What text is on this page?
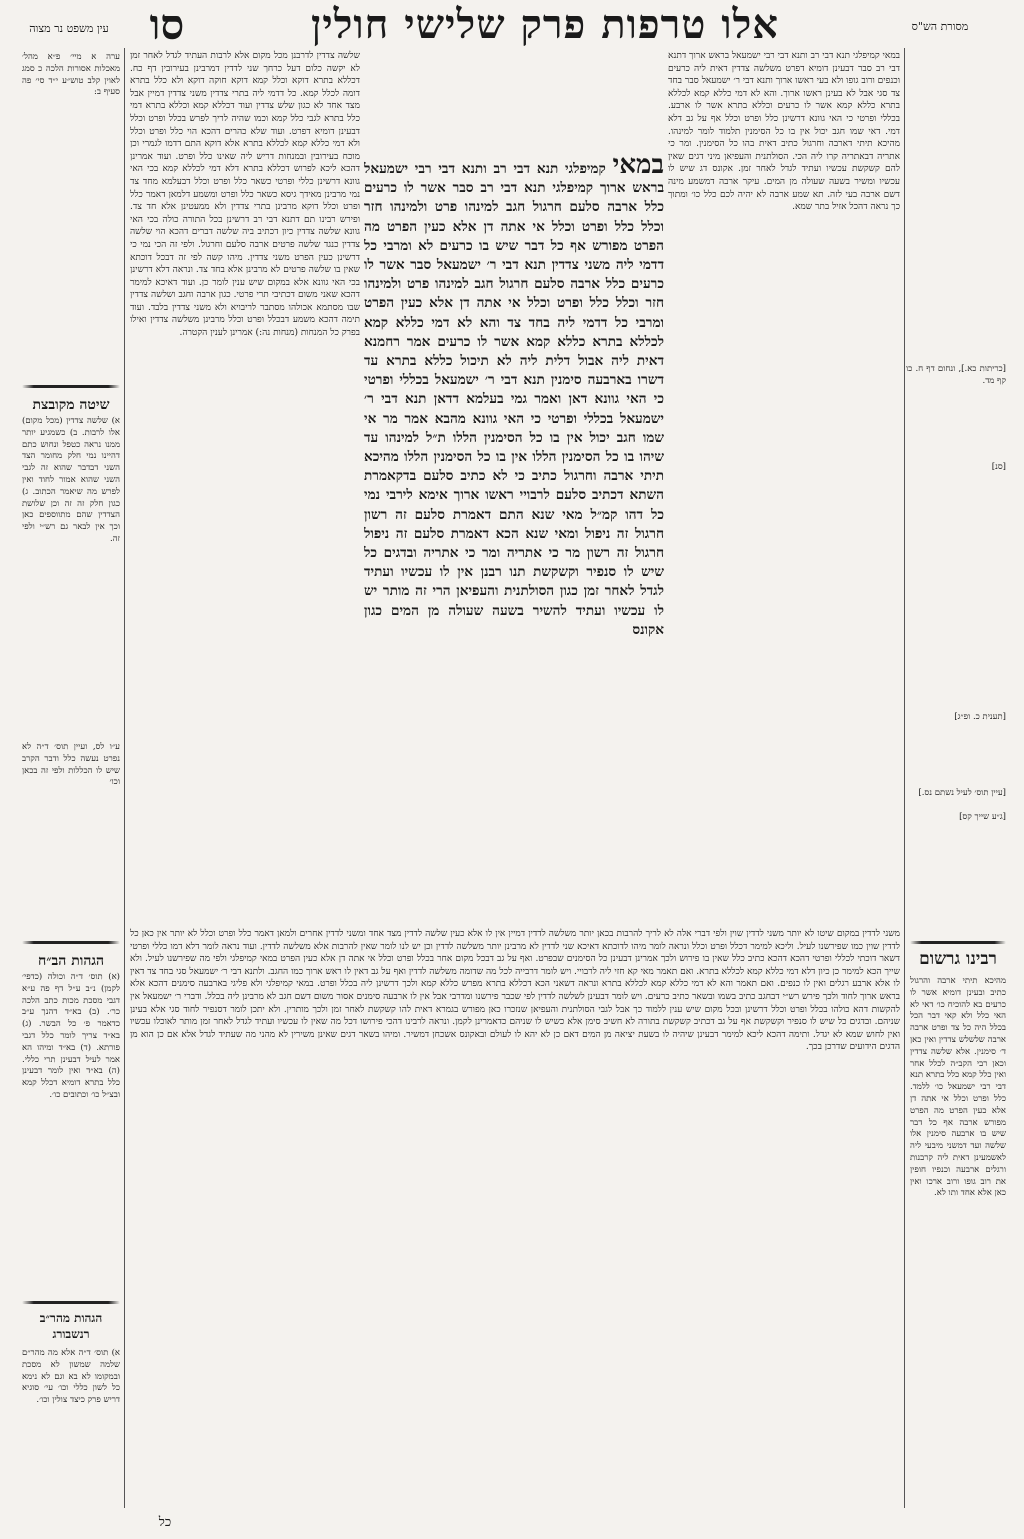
עין משפט נר מצוה סו	אלו טרפות פרק שלישי חולין	מסורת הש"ס
ערה א מיי׳ פ״א מהל׳ מאכלות אסורות הלכה כ סמג לאוין קלב טוש״ע י״ד סי׳ פה סעיף ב:
שיטה מקובצת
א) שלשה צדדין (מכל מקום) אלו לרבות. ב) כשמגיע יותר ממנו נראה כטפל ונחוש כתם דהיינו נמי חלק מחומר הצד השני דבדבר שהוא זה לגבי השני שהוא אמור לחוד ואין לפרש מה שיאמר הכתוב. ג) כגון חלק זה זה וכן שלושת הצדדין שהם מתווספים כאן וכך אין לבאר גם רש״י ולפי זה.
ע״ו לס, ועיין תוס׳ ד״ה לא נפרט נעשה כלל ודבר הקרב שיש לו הכללות ולפי זה בכאן וכו׳
הגהות הב״ח
(א) תוס׳ ד״ה וכולה (כדפי׳ לקמן) נ״ב ע״ל דף פה ע״א דגבי מסכת מכות כתב הלכה כר׳. (ב) בא״ד דהנך ע״ב כדאמר פ׳ כל הבשר. (ג) בא״ד צריך לומר כלל דגבי פורתא. (ד) בא״ד ומיהו הא אמר לעיל דבעינן תרי כללי. (ה) בא״ד ואין לומר דבעינן כלל בתרא דומיא דכלל קמא ובצ״ל כו׳ וכתובים כו׳.
הגהות מהר״ב רנשבורג
א) תוס׳ ד״ה אלא מה מהר״ם שלמה שמשון לא מסכת ובמקומו לא בא וגם לא נימא כל לשון כללי וכו׳ עי׳ סוגיא דריש פרק כיצד צולין וכו׳.
[כריתות כא.], ונחום דף ח. כו קף מד.
[סנ]
[תענית כ. ופ״ג]
[עיין תוס׳ לעיל נשתם נס.]
[ג״ע שייך קס]
רבינו גרשום
מהיכא תיתי ארבה והרגול כתיב ובעינן דומיא אשר לו כרעים בא להוכיח כו׳ דאי לא האי כלל ולא קאי דבר הכל בכלל היה כל צד ופרט ארבה ארבה שלשלש צדדין ואין כאן ד׳ סימנין. אלא שלשה צדדין וכאן רבי הקב״ה לכלל אחר ואין כלל קמא כלל בתרא תנא דבי רבי ישמעאל כו׳ ללמד. כלל ופרט וכלל אי אתה דן אלא כעין הפרט מה הפרט מפורש ארבה אף כל דבר שיש בו ארבעה סימנין אלו שלשה ועד דמשני מיבעי ליה לאשמעינן דאית ליה קרבנות ורגלים ארבעה וכנפיו חופין את רוב גופו ורוב ארכו ואין כאן אלא אחד ותו לא.
במאי קמיפלגי תנא דבי רב ותנא דבי רבי ישמעאל בראש ארוך דתנא דבי רב סבר דבעינן דומיא דפרט משלשה צדדין דאית ליה כרעים וכנפים ורוב גופו ולא בעי ראשו ארוך ותנא דבי ר׳ ישמעאל סבר בחד צד סגי אבל לא בעינן ראשו ארוך. והא לא דמי כללא קמא לכללא בתרא כללא קמא אשר לו כרעים וכללא בתרא אשר לו ארבע. בכללי ופרטי כי האי גוונא דרשינן כלל ופרט וכלל אף על גב דלא דמי. דאי שמו חגב יכול אין בו כל הסימנין תלמוד לומר למינהו. מהיכא תיתי דארבה וחרגול כתיב דאית בהו כל הסימנין. ומר כי אתריה דבאתריה קרו ליה הכי. הסולתנית והעפיאן מיני דגים שאין להם קשקשת עכשיו ועתיד לגדל לאחר זמן. אקונס דג שיש לו עכשיו ומשיר בשעה שעולה מן המים. עיקר ארבה דמשמע מינה דשם ארבה בעי לזה. תא שמע ארבה לא יהיה לכם כלל כו׳ ומתוך כך נראה דהכל אזיל בתר שמא.
שלשה צדדין לדרבנן מכל מקום אלא לרבות העתיד לגדל לאחר זמן לא יקשה כלום דעל כרחך שני לדדין דמרבינן בעירובין דף כח. דכללא בתרא דוקא וכלל קמא דוקא חוקה דוקא ולא כלל בתרא דומה לכלל קמא. כל דדמי ליה בתרי צדדין משני צדדין דמיין אבל מצד אחד לא כגון שלש צדדין ועוד דכללא קמא וכללא בתרא דמי כלל בתרא לגבי כלל קמא וכמו שהיה לריך לפרש בכלל ופרט וכלל דבעינן דומיא דפרט. ועוד שלא כהרים דהכא הוי כלל ופרט וכלל ולא דמי כללא קמא לכללא בתרא אלא דוקא התם דדמו לגמרי וכן מוכח בעירובין ובמנחות דריש ליה שאינו כלל ופרט. ועוד אמרינן דהכא ליכא לפרוש דכללא בתרא דלא דמי לכללא קמא בכי האי גוונא דרשינן כללי ופרטי כשאר כלל ופרט וכלל דבעלמא מחד צד נמי מרבינן מאידך גיסא כשאר כלל ופרט ומשמע דלמאן דאמר כלל ופרט וכלל דוקא מרבינן בתרי צדדין ולא ממעטינן אלא חד צד. ופירש רבינו תם דתנא דבי רב דרשינן בכל התורה כולה בכי האי גוונא שלשה צדדין כיון דכתיב ביה שלשה דברים דהכא הוי שלשה צדדין כנגד שלשה פרטים ארבה סלעם וחרגול. ולפי זה הכי נמי כי דרשינן כעין הפרט משני צדדין. מיהו קשה לפי זה דבכל דוכתא שאין בו שלשה פרטים לא מרבינן אלא בחד צד. ונראה דלא דרשינן בכי האי גוונא אלא במקום שיש ענין לומר כן. ועוד דאיכא למימר דהכא שאני משום דכתיבי תרי פרטי. כגון ארבה וחגב ושלשה צדדין שבו מסתמא אכולהו מסתבר לריבויא ולא משני צדדין בלבד. ועוד תימה דהכא משמע דבכלל ופרט וכלל מרבינן משלשה צדדין ואילו בפרק כל המנחות (מנחות נה:) אמרינן לענין הקטרה.
במאי קמיפלגי תנא דבי רב ותנא דבי רבי ישמעאל בראש ארוך קמיפלגי תנא דבי רב סבר אשר לו כרעים כלל ארבה סלעם חרגול חגב למינהו פרט ולמינהו חזר וכלל כלל ופרט וכלל אי אתה דן אלא כעין הפרט מה הפרט מפורש אף כל דבר שיש בו כרעים לא ומרבי כל דדמי ליה משני צדדין תנא דבי ר׳ ישמעאל סבר אשר לו כרעים כלל ארבה סלעם חרגול חגב למינהו פרט ולמינהו חזר וכלל כלל ופרט וכלל אי אתה דן אלא כעין הפרט ומרבי כל דדמי ליה בחד צד והא לא דמי כללא קמא לכללא בתרא כללא קמא אשר לו כרעים אמר רחמנא דאית ליה אבול דלית ליה לא תיכול כללא בתרא עד דשרו בארבעה סימנין תנא דבי ר׳ ישמעאל בכללי ופרטי כי האי גוונא דאן ואמר גמי בעלמא דדאן תנא דבי ר׳ ישמעאל בכללי ופרטי כי האי גוונא מהבא אמר מר אי שמו חגב יכול אין בו כל הסימנין הללו ת״ל למינהו עד שיהו בו כל הסימנין הללו אין בו כל הסימנין הללו מהיכא תיתי ארבה וחרגול כתיב כי לא כתיב סלעם בדקאמרת השתא דכתיב סלעם לרבויי ראשו ארוך אימא לירבי נמי כל דהו קמ״ל מאי שנא התם דאמרת סלעם זה רשון חרגול זה ניפול ומאי שנא הכא דאמרת סלעם זה ניפול חרגול זה רשון מר כי אתריה ומר כי אתריה ובדגים כל שיש לו סנפיר וקשקשת תנו רבנן אין לו עכשיו ועתיד לגדל לאחר זמן כגון הסולתנית והעפיאן הרי זה מותר יש לו עכשיו ועתיד להשיר בשעה שעולה מן המים כגון אקונס
משני לדדין במקום שיטו לא יותר משני לדדין שוין ולפי דברי אלה לא לריך להרבות בכאן יותר משלשה לדדין דמיין אין לו אלא כעין שלשה לדדין מצד אחד ומשני לדדין אחרים ולמאן דאמר כלל ופרט וכלל לא יותר אין כאן כל לדדין שוין כמו שפירשנו לעיל. וליכא למימר דכלל ופרט וכלל ונראה לומר מיהו לדוכתא דאיכא שני לדדין לא מרבינן יותר משלשה לדדין וכן יש לנו לומר שאין להרבות אלא משלשה לדדין. ועוד נראה לומר דלא דמו כללי ופרטי דשאר דוכתי לכללי ופרטי דהכא דהכא כתיב כלל שאין בו פירוש ולכך אמרינן דבעינן כל הסימנים שבפרט. ואף על גב דבכל מקום אחר בכלל ופרט וכלל אי אתה דן אלא כעין הפרט במאי קמיפלגי ולפי מה שפירשנו לעיל. ולא שייך הכא למימר כן כיון דלא דמי כללא קמא לכללא בתרא. ואם תאמר מאי קא חזי ליה לרבויי. ויש לומר דרבייה לכל מה שדומה משלשה לדדין ואף על גב דאין לו ראש ארוך כמו החגב. ולתנא דבי ר׳ ישמעאל סגי בחד צד דאין לו אלא ארבע רגלים ואין לו כנפים. ואם תאמר והא לא דמי כללא קמא לכללא בתרא ונראה דשאני הכא דכללא בתרא מפרש כללא קמא ולכך דרשינן ליה בכלל ופרט. במאי קמיפלגי ולא פליגי בארבעה סימנים דהכא אלא בראש ארוך לחוד ולכך פירש רש״י דבחגב כתיב בשמו ובשאר כתיב כרעים. ויש לומר דבעינן לשלשה לדדין לפי שכבר פירשנו ומדרבי אבל אין לו ארבעה סימנים אסור משום דשם חגב לא מרבינן ליה בכלל. ודברי ר׳ ישמעאל אין להקשות דהא כולהו בכלל ופרט וכלל דרשינן ובכל מקום שיש ענין ללמוד כך אבל לגבי הסולתנית והעפיאן שנזכרו כאן מפורש בגמרא דאית להו קשקשת לאחר זמן ולכך מותרין. ולא יתכן לומר דסנפיר לחוד סגי אלא בעינן שניהם. ובדגים כל שיש לו סנפיר וקשקשת אף על גב דכתיב קשקשת בתורה לא חשיב סימן אלא כשיש לו שניהם כדאמרינן לקמן. ונראה לרבינו דהכי פירושו דכל מה שאין לו עכשיו ועתיד לגדל לאחר זמן מותר לאוכלו עכשיו ואין לחוש שמא לא יגדל. ותימה דהכא ליכא למימר דבעינן שיהיה לו בשעת יציאה מן המים דאם כן לא יהא לו לעולם ובאקונס אשכחן דמשיר. ומיהו בשאר דגים שאינן משירין לא מהני מה שעתיד לגדל אלא אם כן הוא מן הדגים הידועים שדרכן בכך.
כל
